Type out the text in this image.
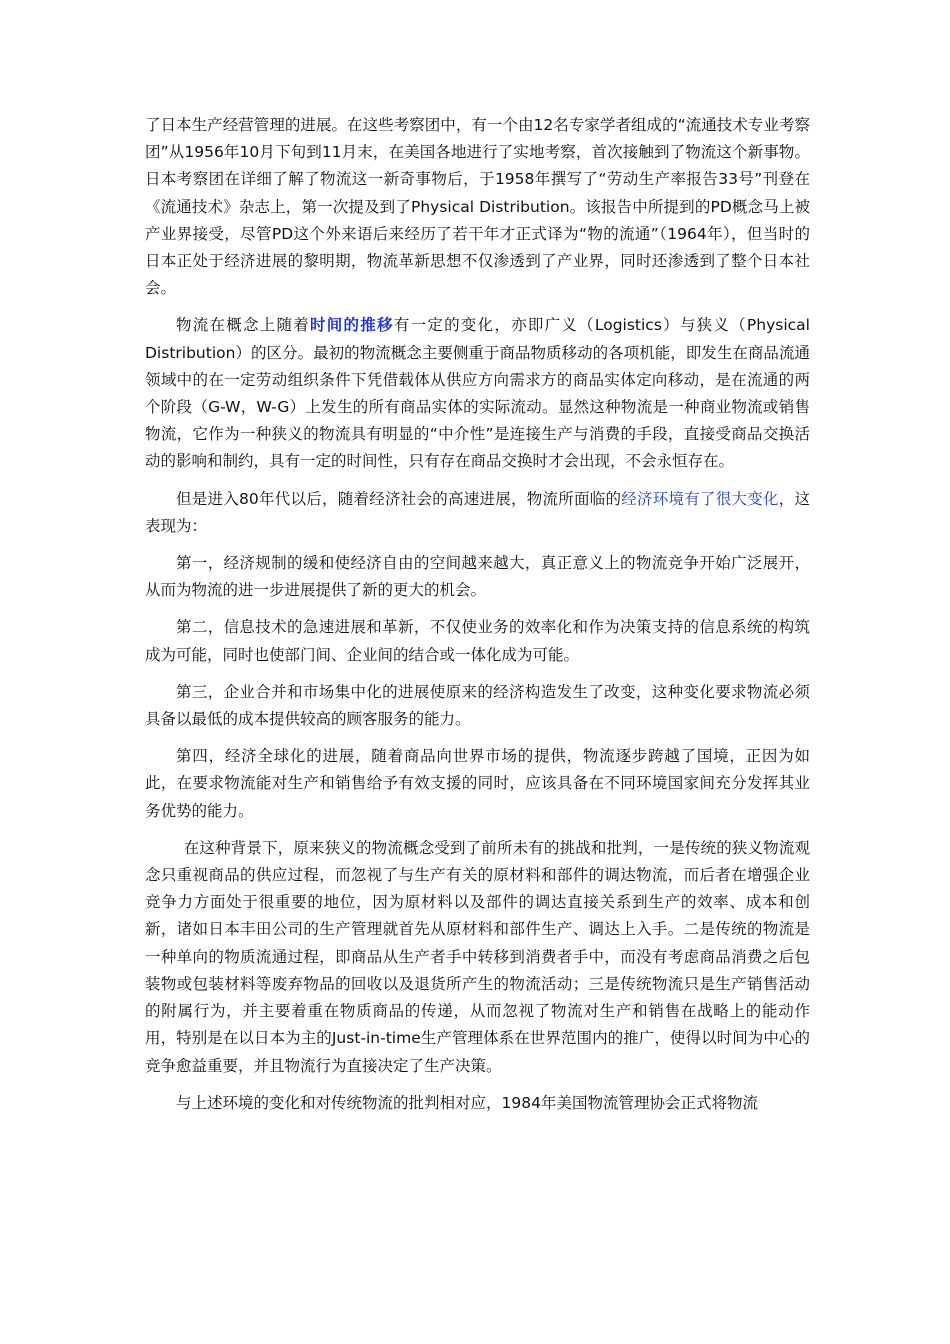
了日本生产经营管理的进展。在这些考察团中，有一个由12名专家学者组成的“流通技术专业考察团”从1956年10月下旬到11月末，在美国各地进行了实地考察，首次接触到了物流这个新事物。日本考察团在详细了解了物流这一新奇事物后，于1958年撰写了“劳动生产率报告33号”刊登在《流通技术》杂志上，第一次提及到了Physical Distribution。该报告中所提到的PD概念马上被产业界接受，尽管PD这个外来语后来经历了若干年才正式译为“物的流通”（1964年），但当时的日本正处于经济进展的黎明期，物流革新思想不仅渗透到了产业界，同时还渗透到了整个日本社会。

物流在概念上随着时间的推移有一定的变化，亦即广义（Logistics）与狭义（Physical Distribution）的区分。最初的物流概念主要侧重于商品物质移动的各项机能，即发生在商品流通领域中的在一定劳动组织条件下凭借载体从供应方向需求方的商品实体定向移动，是在流通的两个阶段（G-W，W-G）上发生的所有商品实体的实际流动。显然这种物流是一种商业物流或销售物流，它作为一种狭义的物流具有明显的“中介性”是连接生产与消费的手段，直接受商品交换活动的影响和制约，具有一定的时间性，只有存在商品交换时才会出现，不会永恒存在。

但是进入80年代以后，随着经济社会的高速进展，物流所面临的经济环境有了很大变化，这表现为：

第一，经济规制的缓和使经济自由的空间越来越大，真正意义上的物流竞争开始广泛展开，从而为物流的进一步进展提供了新的更大的机会。

第二，信息技术的急速进展和革新，不仅使业务的效率化和作为决策支持的信息系统的构筑成为可能，同时也使部门间、企业间的结合或一体化成为可能。

第三，企业合并和市场集中化的进展使原来的经济构造发生了改变，这种变化要求物流必须具备以最低的成本提供较高的顾客服务的能力。

第四，经济全球化的进展，随着商品向世界市场的提供，物流逐步跨越了国境，正因为如此，在要求物流能对生产和销售给予有效支援的同时，应该具备在不同环境国家间充分发挥其业务优势的能力。

在这种背景下，原来狭义的物流概念受到了前所未有的挑战和批判，一是传统的狭义物流观念只重视商品的供应过程，而忽视了与生产有关的原材料和部件的调达物流，而后者在增强企业竞争力方面处于很重要的地位，因为原材料以及部件的调达直接关系到生产的效率、成本和创新，诸如日本丰田公司的生产管理就首先从原材料和部件生产、调达上入手。二是传统的物流是一种单向的物质流通过程，即商品从生产者手中转移到消费者手中，而没有考虑商品消费之后包装物或包装材料等废弃物品的回收以及退货所产生的物流活动；三是传统物流只是生产销售活动的附属行为，并主要着重在物质商品的传递，从而忽视了物流对生产和销售在战略上的能动作用，特别是在以日本为主的Just-in-time生产管理体系在世界范围内的推广，使得以时间为中心的竞争愈益重要，并且物流行为直接决定了生产决策。

与上述环境的变化和对传统物流的批判相对应，1984年美国物流管理协会正式将物流
